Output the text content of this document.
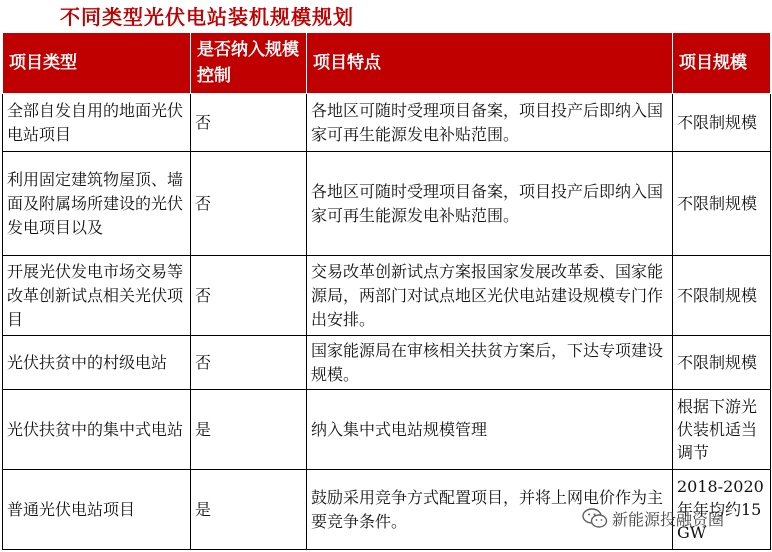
不同类型光伏电站装机规模规划
项目类型	是否纳入规模控制	项目特点	项目规模
全部自发自用的地面光伏电站项目	否	各地区可随时受理项目备案，项目投产后即纳入国家可再生能源发电补贴范围。	不限制规模
利用固定建筑物屋顶、墙面及附属场所建设的光伏发电项目以及	否	各地区可随时受理项目备案，项目投产后即纳入国家可再生能源发电补贴范围。	不限制规模
开展光伏发电市场交易等改革创新试点相关光伏项目	否	交易改革创新试点方案报国家发展改革委、国家能源局，两部门对试点地区光伏电站建设规模专门作出安排。	不限制规模
光伏扶贫中的村级电站	否	国家能源局在审核相关扶贫方案后，下达专项建设规模。	不限制规模
光伏扶贫中的集中式电站	是	纳入集中式电站规模管理	根据下游光伏装机适当调节
普通光伏电站项目	是	鼓励采用竞争方式配置项目，并将上网电价作为主要竞争条件。	2018-2020年年均约15GW
新能源投融资圈
